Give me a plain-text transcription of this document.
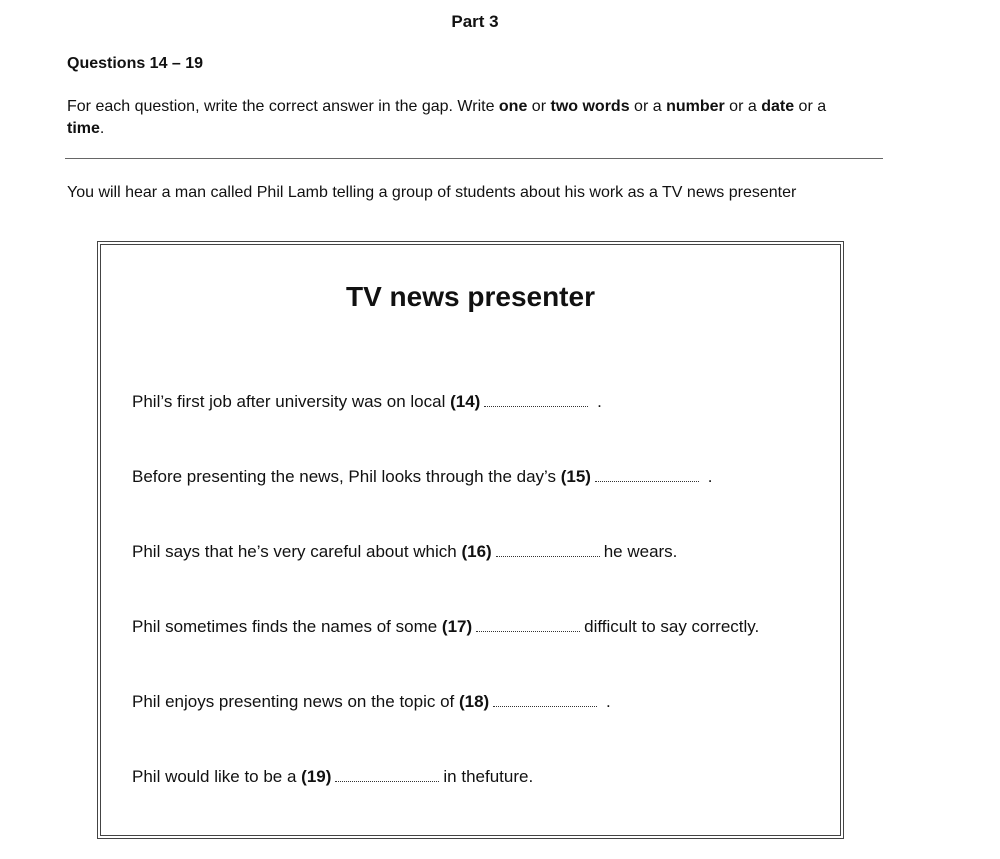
Part 3
Questions 14 – 19
For each question, write the correct answer in the gap. Write one or two words or a number or a date or a time.
You will hear a man called Phil Lamb telling a group of students about his work as a TV news presenter
TV news presenter
Phil’s first job after university was on local (14)	.
Before presenting the news, Phil looks through the day’s (15)	.
Phil says that he’s very careful about which (16)	he wears.
Phil sometimes finds the names of some (17)	difficult to say correctly.
Phil enjoys presenting news on the topic of (18)	.
Phil would like to be a (19)	in thefuture.
